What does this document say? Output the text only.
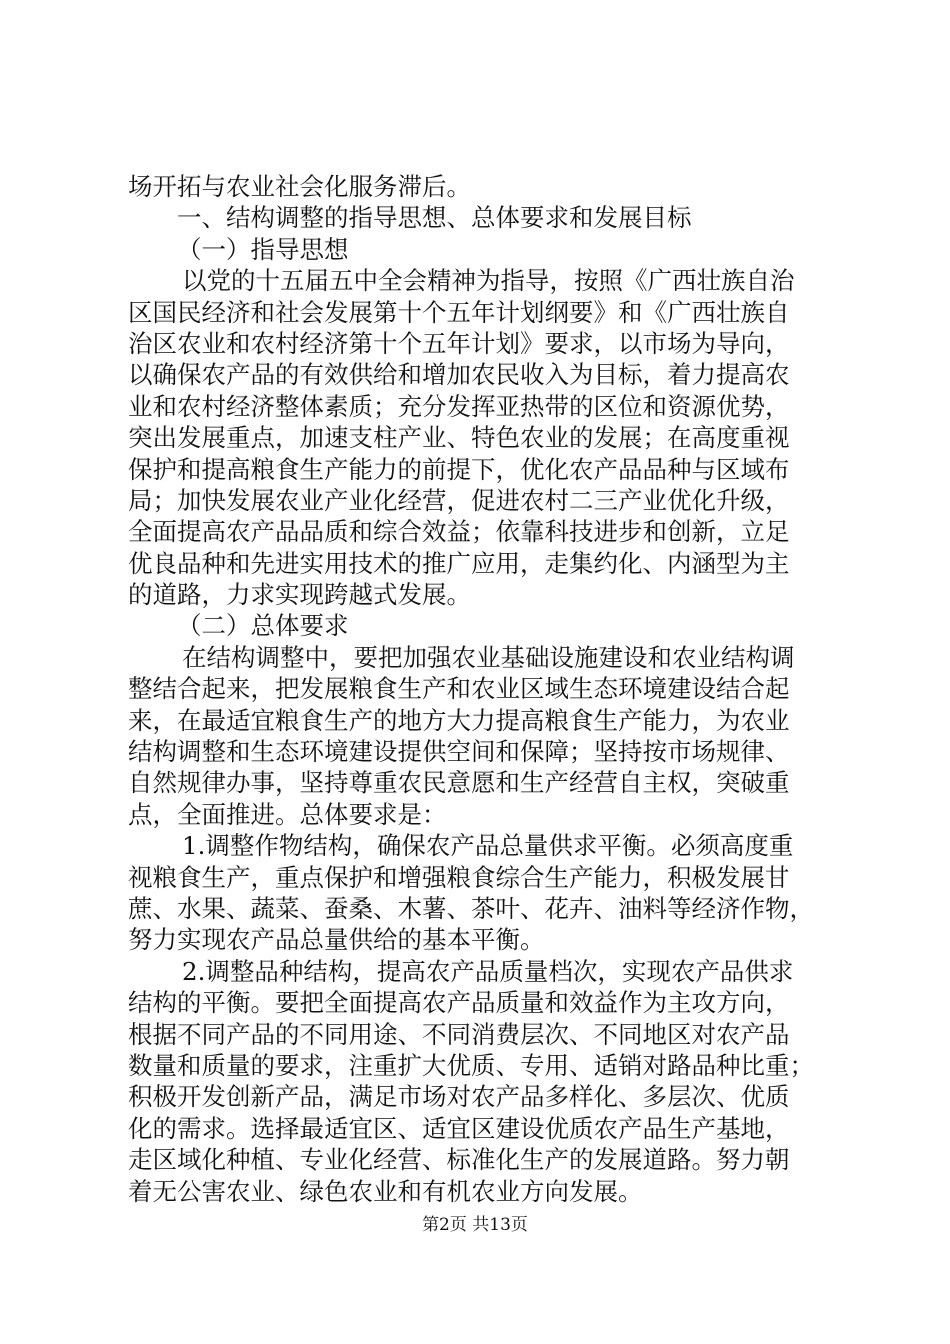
场开拓与农业社会化服务滞后。
一、结构调整的指导思想、总体要求和发展目标
（一）指导思想
以党的十五届五中全会精神为指导，按照《广西壮族自治
区国民经济和社会发展第十个五年计划纲要》和《广西壮族自
治区农业和农村经济第十个五年计划》要求，以市场为导向，
以确保农产品的有效供给和增加农民收入为目标，着力提高农
业和农村经济整体素质；充分发挥亚热带的区位和资源优势，
突出发展重点，加速支柱产业、特色农业的发展；在高度重视
保护和提高粮食生产能力的前提下，优化农产品品种与区域布
局；加快发展农业产业化经营，促进农村二三产业优化升级，
全面提高农产品品质和综合效益；依靠科技进步和创新，立足
优良品种和先进实用技术的推广应用，走集约化、内涵型为主
的道路，力求实现跨越式发展。
（二）总体要求
在结构调整中，要把加强农业基础设施建设和农业结构调
整结合起来，把发展粮食生产和农业区域生态环境建设结合起
来，在最适宜粮食生产的地方大力提高粮食生产能力，为农业
结构调整和生态环境建设提供空间和保障；坚持按市场规律、
自然规律办事，坚持尊重农民意愿和生产经营自主权，突破重
点，全面推进。总体要求是：
1.调整作物结构，确保农产品总量供求平衡。必须高度重
视粮食生产，重点保护和增强粮食综合生产能力，积极发展甘
蔗、水果、蔬菜、蚕桑、木薯、茶叶、花卉、油料等经济作物，
努力实现农产品总量供给的基本平衡。
2.调整品种结构，提高农产品质量档次，实现农产品供求
结构的平衡。要把全面提高农产品质量和效益作为主攻方向，
根据不同产品的不同用途、不同消费层次、不同地区对农产品
数量和质量的要求，注重扩大优质、专用、适销对路品种比重；
积极开发创新产品，满足市场对农产品多样化、多层次、优质
化的需求。选择最适宜区、适宜区建设优质农产品生产基地，
走区域化种植、专业化经营、标准化生产的发展道路。努力朝
着无公害农业、绿色农业和有机农业方向发展。
第2页 共13页
